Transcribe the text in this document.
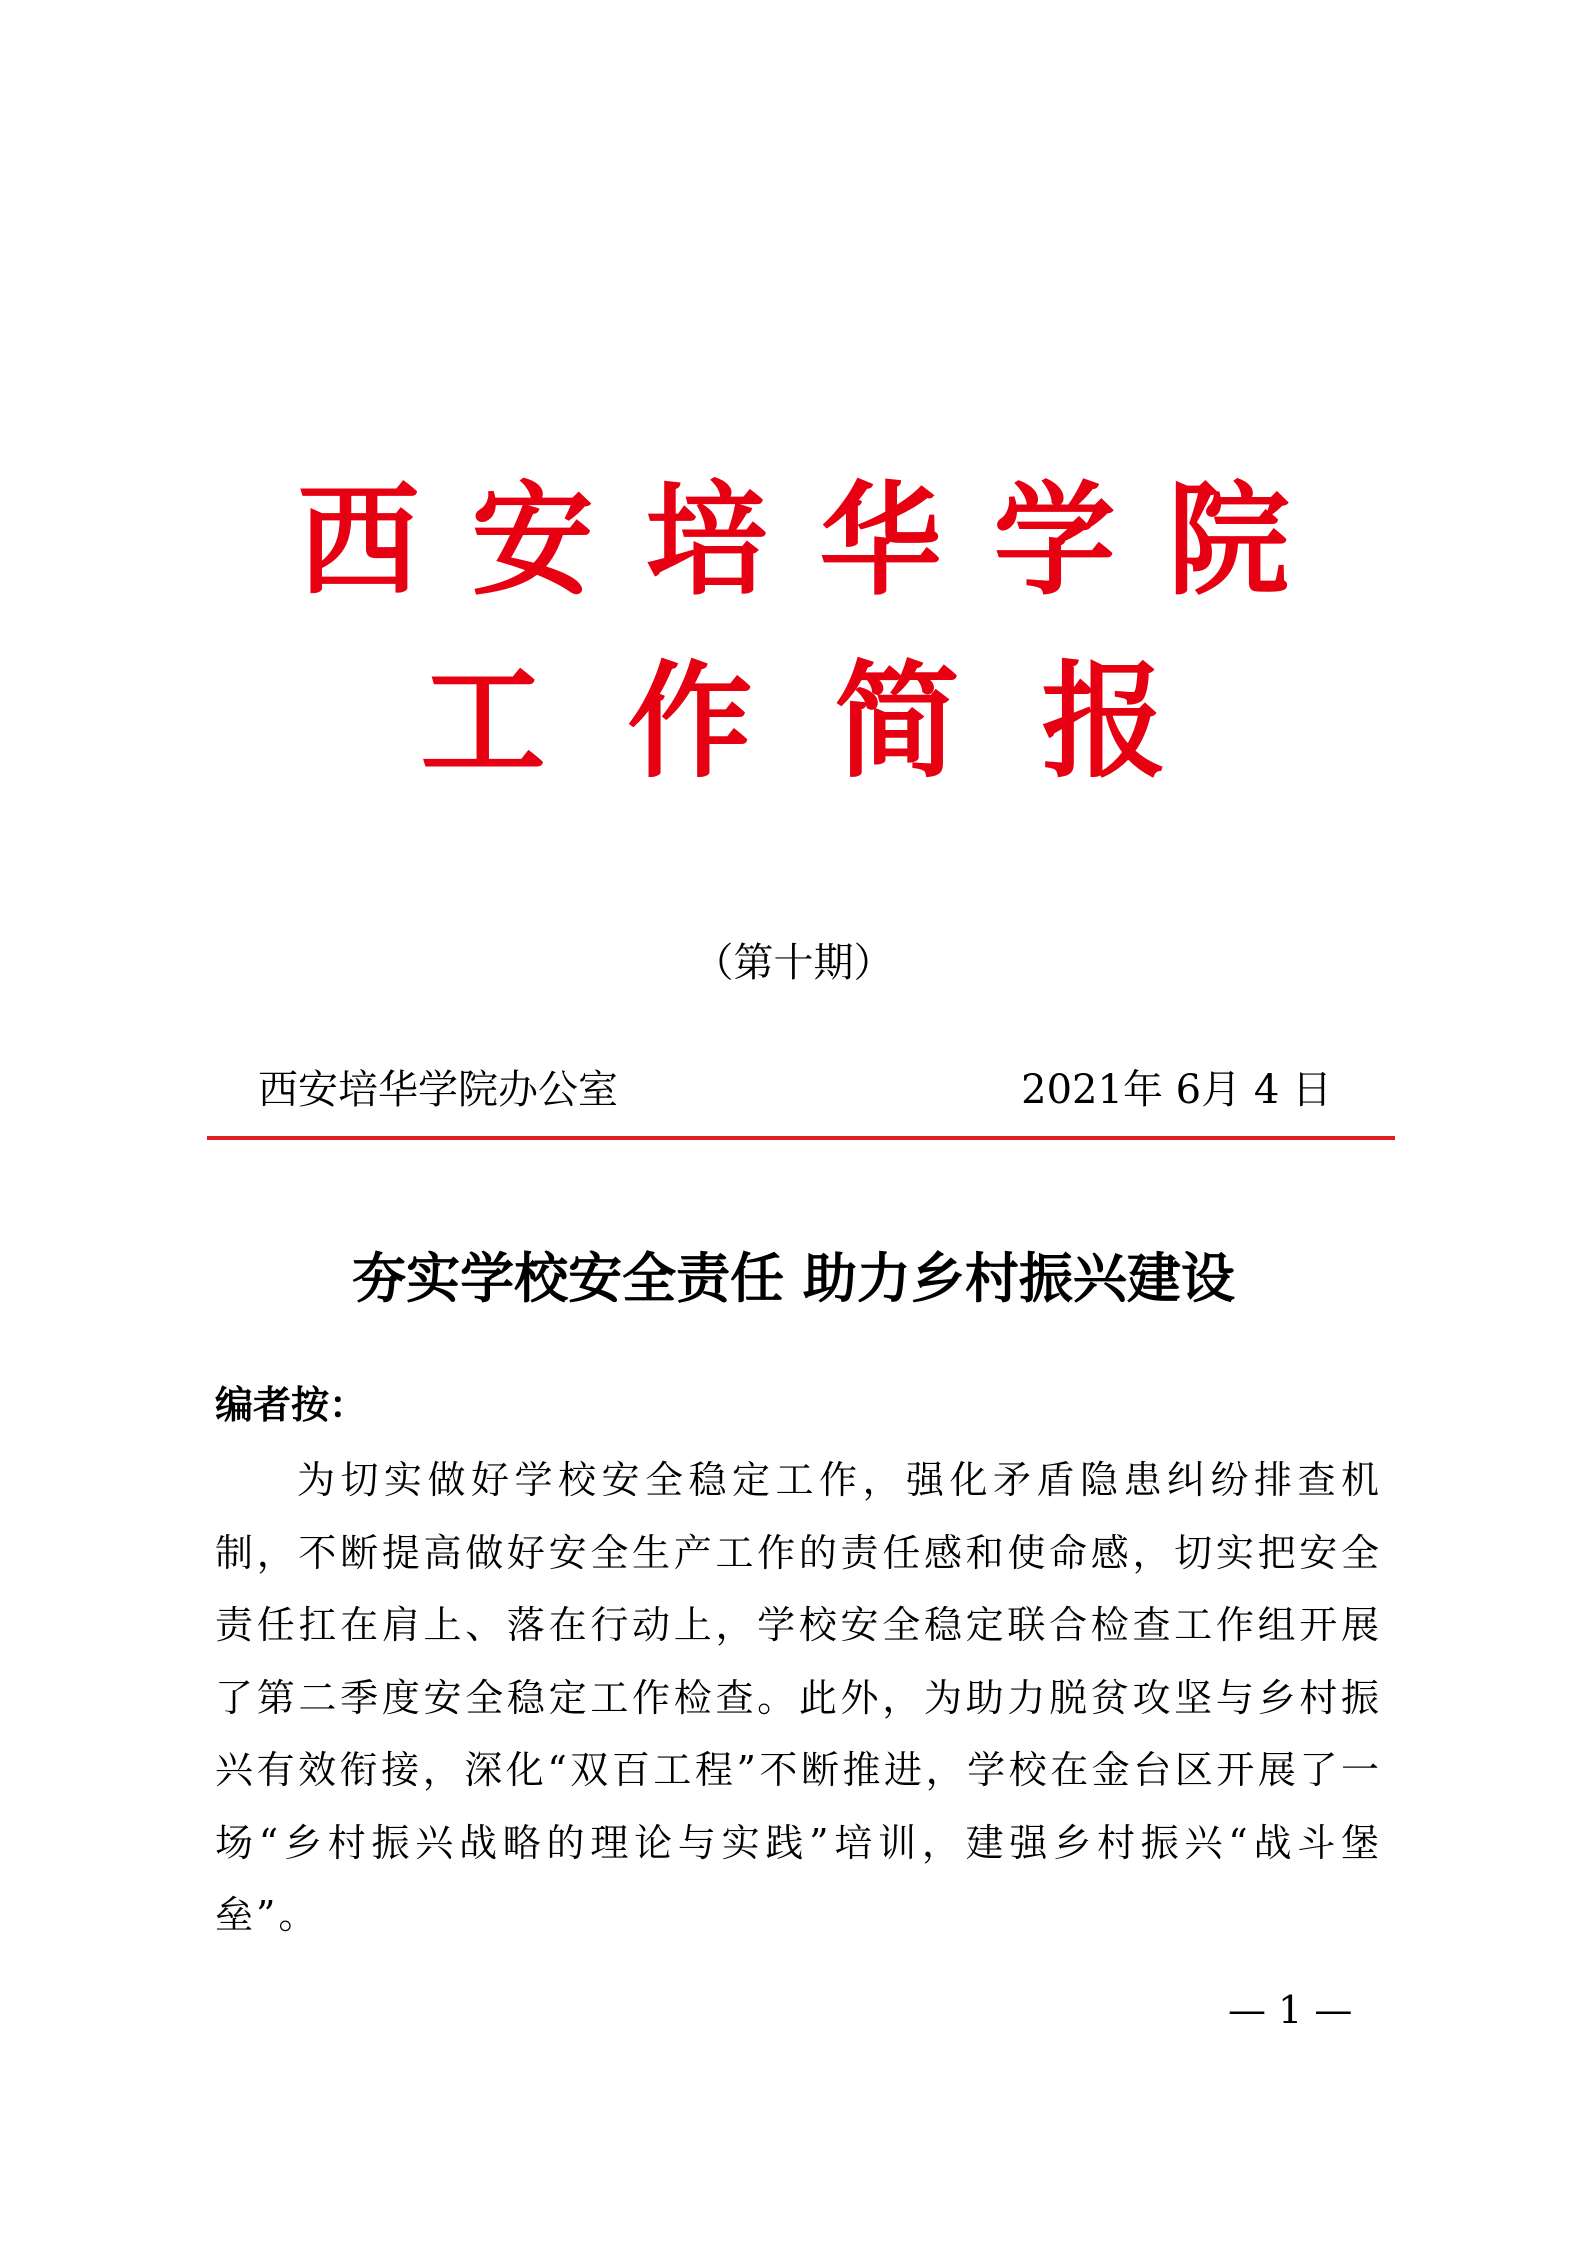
西安培华学院
工作简报
（第十期）
西安培华学院办公室	2021年 6月 4 日
夯实学校安全责任 助力乡村振兴建设
编者按：

为切实做好学校安全稳定工作，强化矛盾隐患纠纷排查机制，不断提高做好安全生产工作的责任感和使命感，切实把安全责任扛在肩上、落在行动上，学校安全稳定联合检查工作组开展了第二季度安全稳定工作检查。此外，为助力脱贫攻坚与乡村振兴有效衔接，深化“双百工程”不断推进，学校在金台区开展了一场“乡村振兴战略的理论与实践”培训，建强乡村振兴“战斗堡垒”。

— 1 —
